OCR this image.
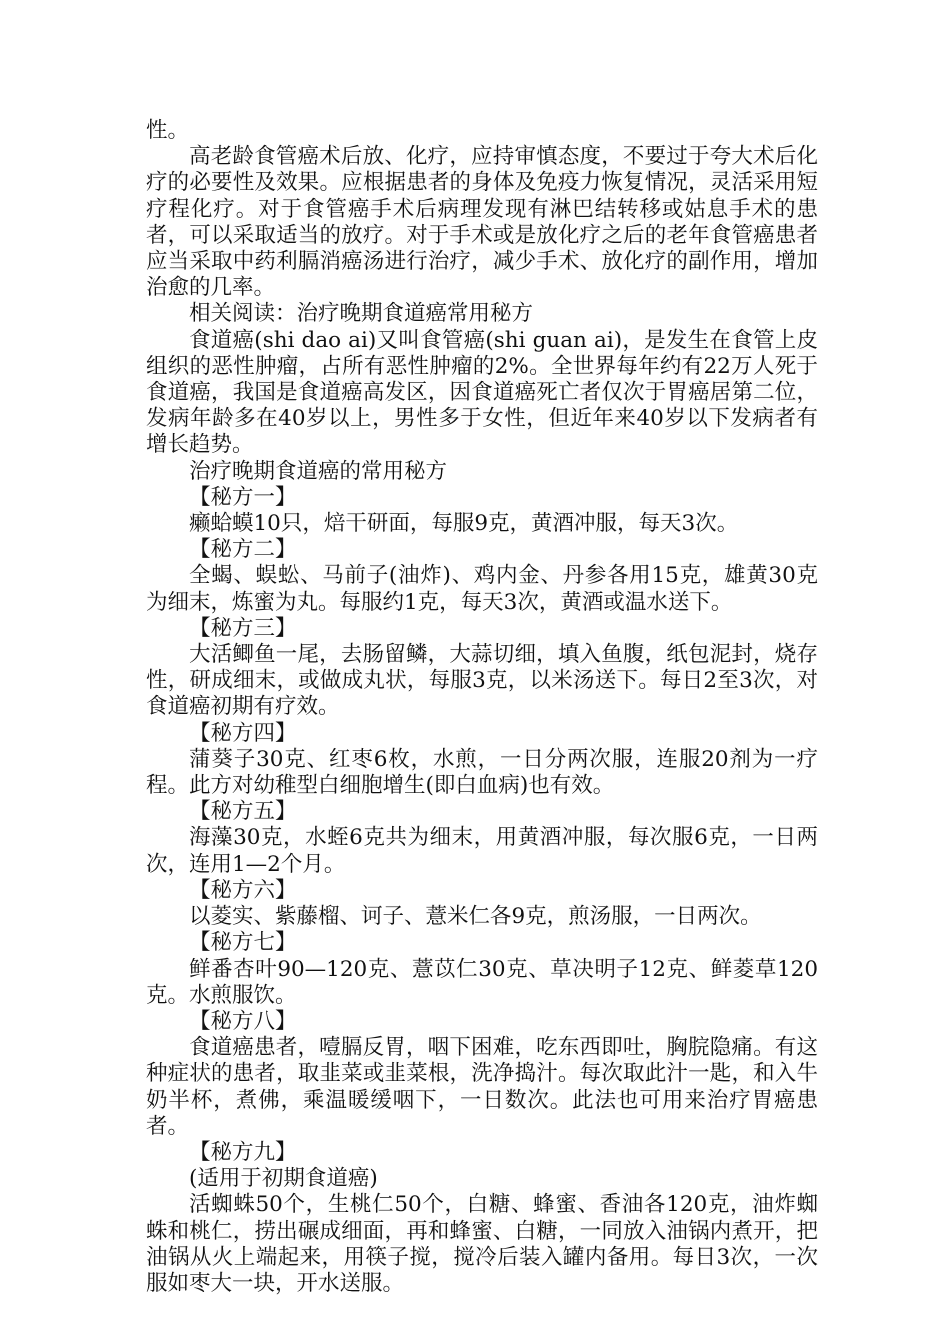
性。

高老龄食管癌术后放、化疗，应持审慎态度，不要过于夸大术后化疗的必要性及效果。应根据患者的身体及免疫力恢复情况，灵活采用短疗程化疗。对于食管癌手术后病理发现有淋巴结转移或姑息手术的患者，可以采取适当的放疗。对于手术或是放化疗之后的老年食管癌患者应当采取中药利膈消癌汤进行治疗，减少手术、放化疗的副作用，增加治愈的几率。

相关阅读：治疗晚期食道癌常用秘方

食道癌(shi dao ai)又叫食管癌(shi guan ai)，是发生在食管上皮组织的恶性肿瘤，占所有恶性肿瘤的2%。全世界每年约有22万人死于食道癌，我国是食道癌高发区，因食道癌死亡者仅次于胃癌居第二位，发病年龄多在40岁以上，男性多于女性，但近年来40岁以下发病者有增长趋势。

治疗晚期食道癌的常用秘方

【秘方一】

癞蛤蟆10只，焙干研面，每服9克，黄酒冲服，每天3次。

【秘方二】

全蝎、蜈蚣、马前子(油炸)、鸡内金、丹参各用15克，雄黄30克为细末，炼蜜为丸。每服约1克，每天3次，黄酒或温水送下。

【秘方三】

大活鲫鱼一尾，去肠留鳞，大蒜切细，填入鱼腹，纸包泥封，烧存性，研成细末，或做成丸状，每服3克，以米汤送下。每日2至3次，对食道癌初期有疗效。

【秘方四】

蒲葵子30克、红枣6枚，水煎，一日分两次服，连服20剂为一疗程。此方对幼稚型白细胞增生(即白血病)也有效。

【秘方五】

海藻30克，水蛭6克共为细末，用黄酒冲服，每次服6克，一日两次，连用1—2个月。

【秘方六】

以菱实、紫藤榴、诃子、薏米仁各9克，煎汤服，一日两次。

【秘方七】

鲜番杏叶90—120克、薏苡仁30克、草决明子12克、鲜菱草120克。水煎服饮。

【秘方八】

食道癌患者，噎膈反胃，咽下困难，吃东西即吐，胸脘隐痛。有这种症状的患者，取韭菜或韭菜根，洗净捣汁。每次取此汁一匙，和入牛奶半杯，煮佛，乘温暖缓咽下，一日数次。此法也可用来治疗胃癌患者。

【秘方九】

(适用于初期食道癌)

活蜘蛛50个，生桃仁50个，白糖、蜂蜜、香油各120克，油炸蜘蛛和桃仁，捞出碾成细面，再和蜂蜜、白糖，一同放入油锅内煮开，把油锅从火上端起来，用筷子搅，搅冷后装入罐内备用。每日3次，一次服如枣大一块，开水送服。
